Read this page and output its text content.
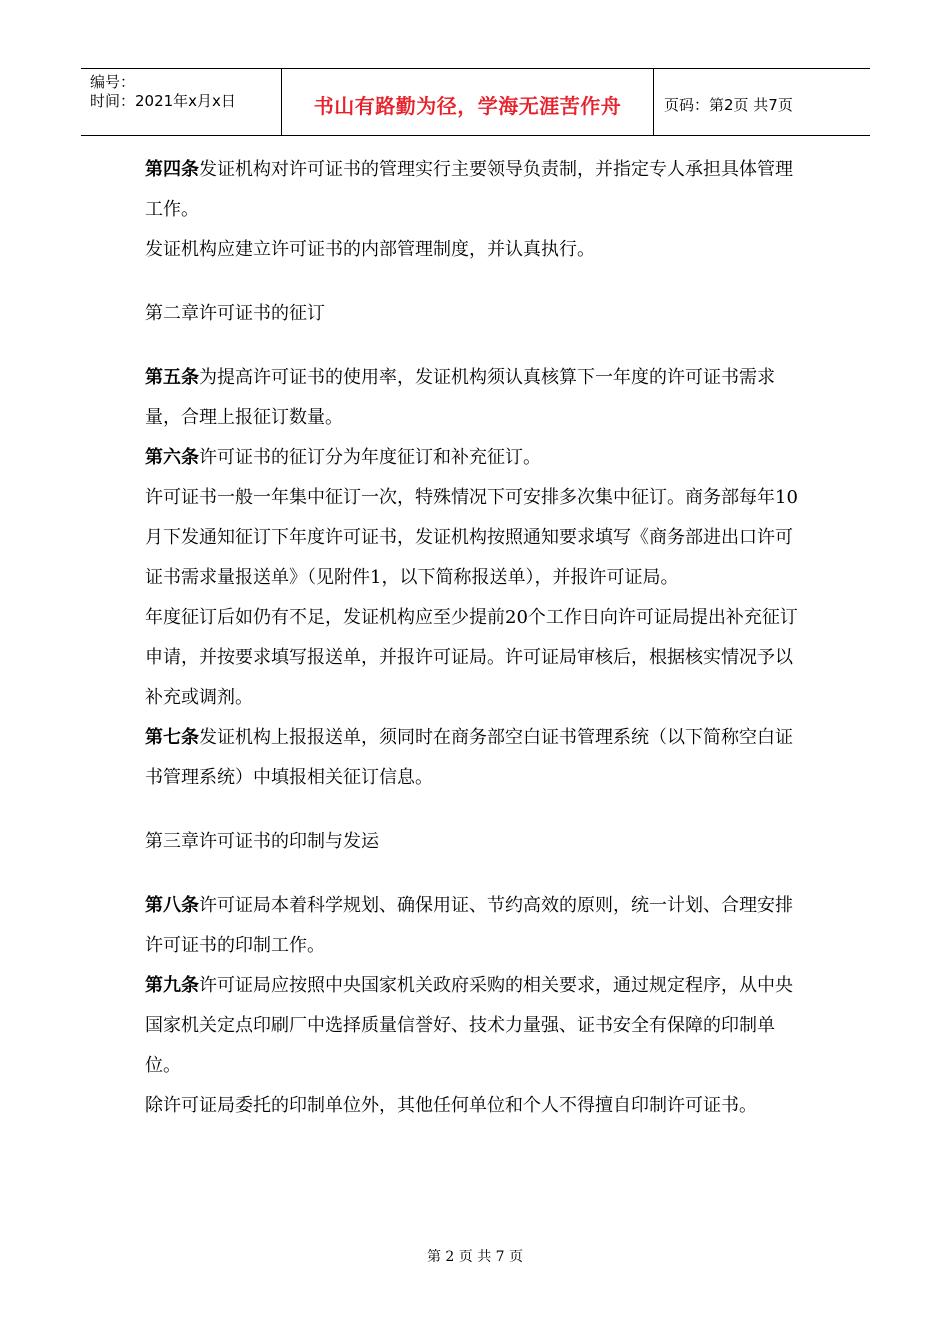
编号：
时间：2021年x月x日	书山有路勤为径，学海无涯苦作舟	页码：第2页 共7页

第四条发证机构对许可证书的管理实行主要领导负责制，并指定专人承担具体管理工作。

发证机构应建立许可证书的内部管理制度，并认真执行。

第二章许可证书的征订

第五条为提高许可证书的使用率，发证机构须认真核算下一年度的许可证书需求量，合理上报征订数量。

第六条许可证书的征订分为年度征订和补充征订。

许可证书一般一年集中征订一次，特殊情况下可安排多次集中征订。商务部每年10月下发通知征订下年度许可证书，发证机构按照通知要求填写《商务部进出口许可证书需求量报送单》（见附件1，以下简称报送单），并报许可证局。

年度征订后如仍有不足，发证机构应至少提前20个工作日向许可证局提出补充征订申请，并按要求填写报送单，并报许可证局。许可证局审核后，根据核实情况予以补充或调剂。

第七条发证机构上报报送单，须同时在商务部空白证书管理系统（以下简称空白证书管理系统）中填报相关征订信息。

第三章许可证书的印制与发运

第八条许可证局本着科学规划、确保用证、节约高效的原则，统一计划、合理安排许可证书的印制工作。

第九条许可证局应按照中央国家机关政府采购的相关要求，通过规定程序，从中央国家机关定点印刷厂中选择质量信誉好、技术力量强、证书安全有保障的印制单位。

除许可证局委托的印制单位外，其他任何单位和个人不得擅自印制许可证书。

第 2 页 共 7 页
